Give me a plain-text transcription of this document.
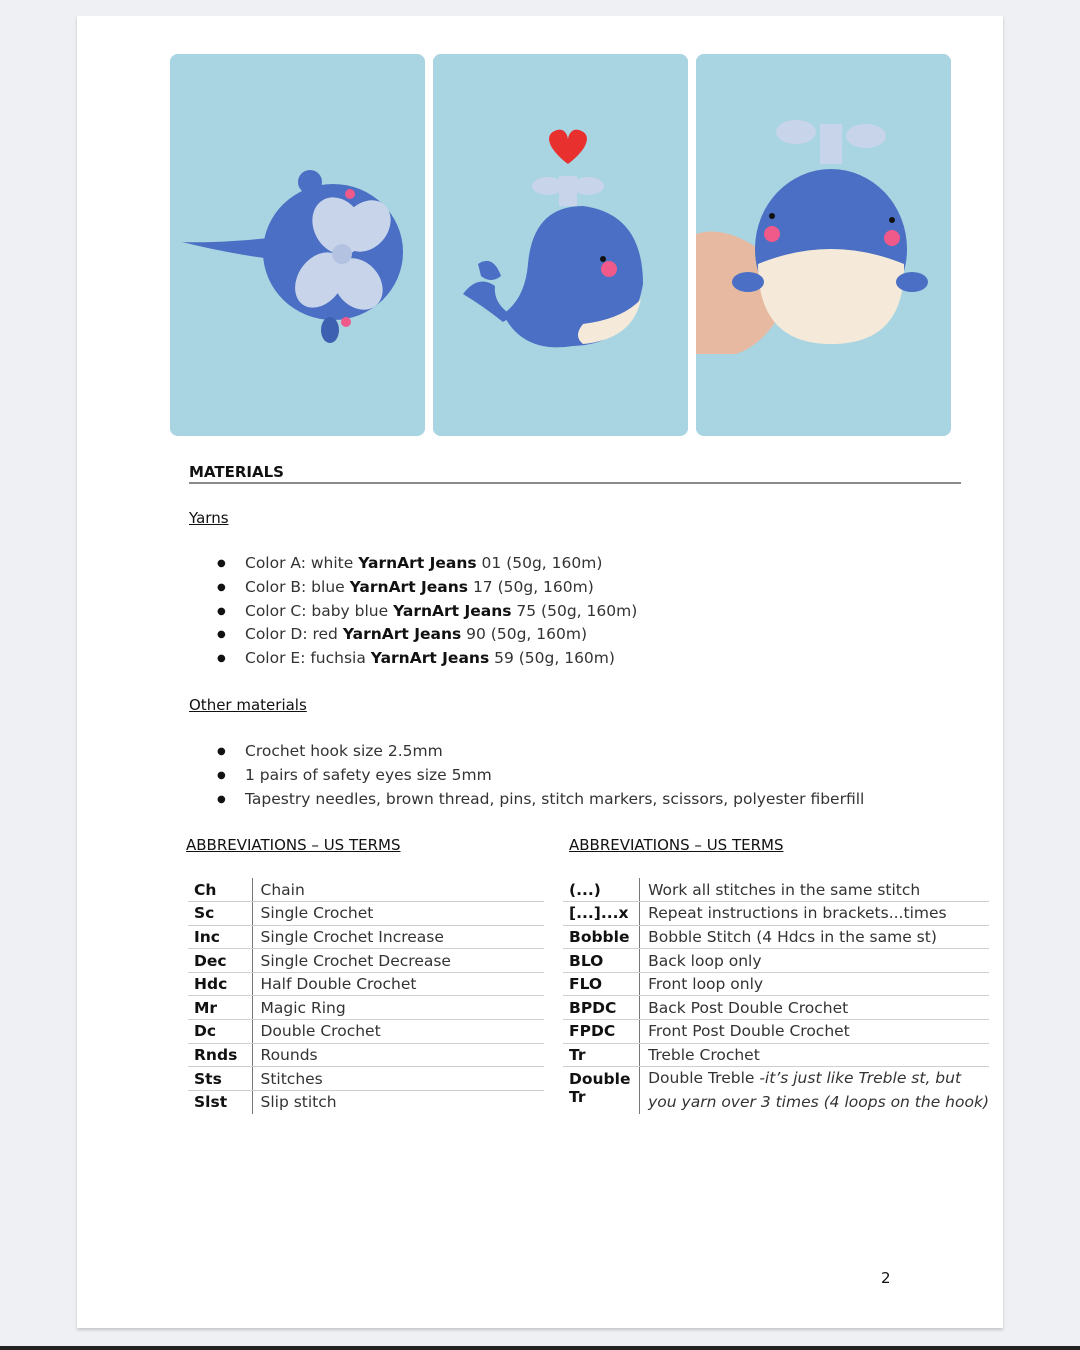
MATERIALS
Yarns
● Color A: white YarnArt Jeans 01 (50g, 160m)
● Color B: blue YarnArt Jeans 17 (50g, 160m)
● Color C: baby blue YarnArt Jeans 75 (50g, 160m)
● Color D: red YarnArt Jeans 90 (50g, 160m)
● Color E: fuchsia YarnArt Jeans 59 (50g, 160m)
Other materials
● Crochet hook size 2.5mm
● 1 pairs of safety eyes size 5mm
● Tapestry needles, brown thread, pins, stitch markers, scissors, polyester fiberfill
ABBREVIATIONS – US TERMS	ABBREVIATIONS – US TERMS
Ch	Chain
Sc	Single Crochet
Inc	Single Crochet Increase
Dec	Single Crochet Decrease
Hdc	Half Double Crochet
Mr	Magic Ring
Dc	Double Crochet
Rnds	Rounds
Sts	Stitches
Slst	Slip stitch
(...)	Work all stitches in the same stitch
[...]...x	Repeat instructions in brackets...times
Bobble	Bobble Stitch (4 Hdcs in the same st)
BLO	Back loop only
FLO	Front loop only
BPDC	Back Post Double Crochet
FPDC	Front Post Double Crochet
Tr	Treble Crochet
Double Tr	Double Treble -it’s just like Treble st, but
you yarn over 3 times (4 loops on the hook)
2
